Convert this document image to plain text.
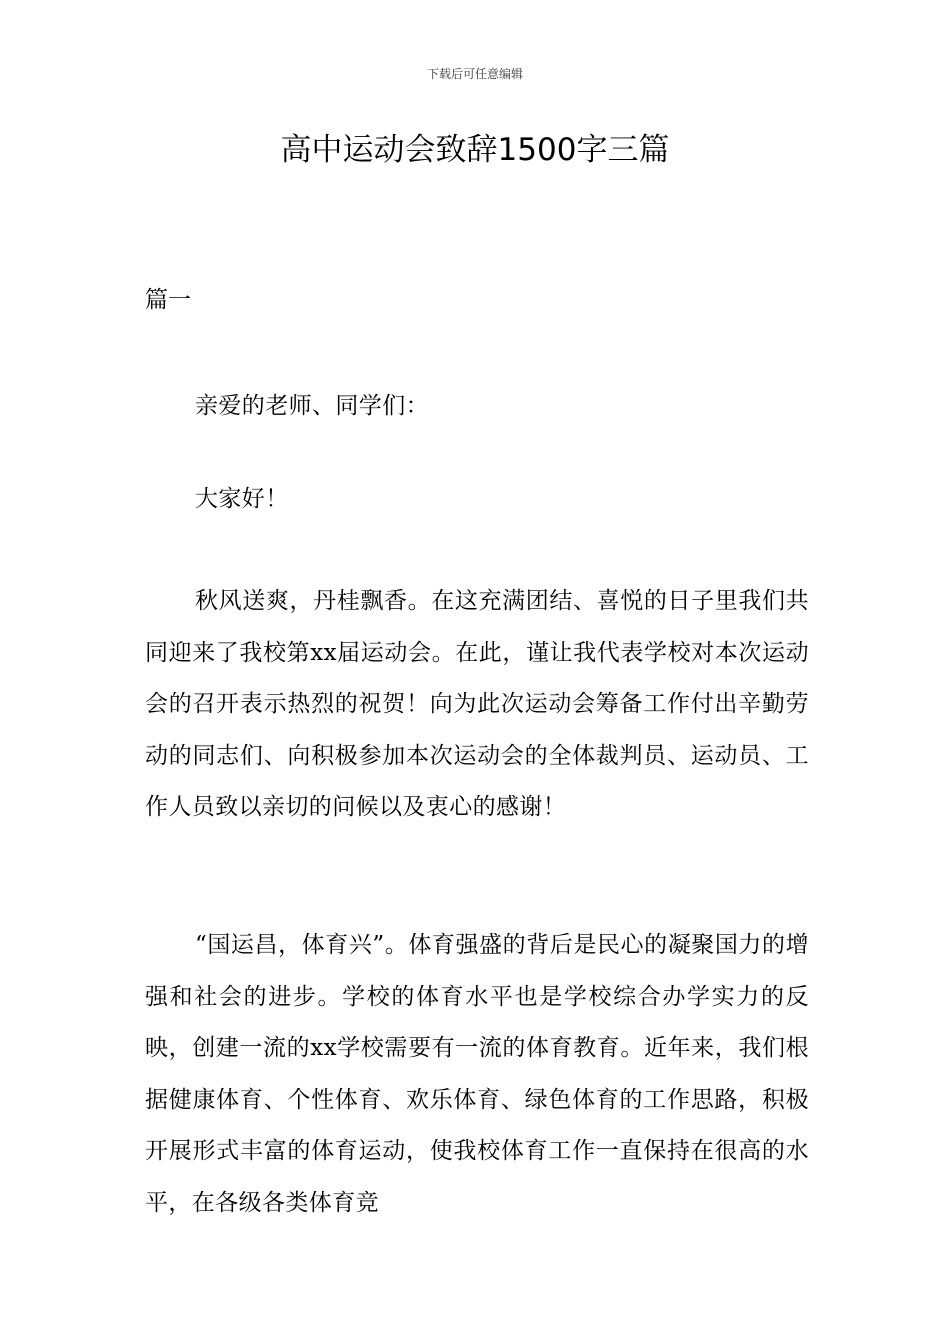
下载后可任意编辑
高中运动会致辞1500字三篇
篇一

亲爱的老师、同学们：

大家好！

秋风送爽，丹桂飘香。在这充满团结、喜悦的日子里我们共同迎来了我校第xx届运动会。在此，谨让我代表学校对本次运动会的召开表示热烈的祝贺！向为此次运动会筹备工作付出辛勤劳动的同志们、向积极参加本次运动会的全体裁判员、运动员、工作人员致以亲切的问候以及衷心的感谢！

“国运昌，体育兴”。体育强盛的背后是民心的凝聚国力的增强和社会的进步。学校的体育水平也是学校综合办学实力的反映，创建一流的xx学校需要有一流的体育教育。近年来，我们根据健康体育、个性体育、欢乐体育、绿色体育的工作思路，积极开展形式丰富的体育运动，使我校体育工作一直保持在很高的水平，在各级各类体育竞
